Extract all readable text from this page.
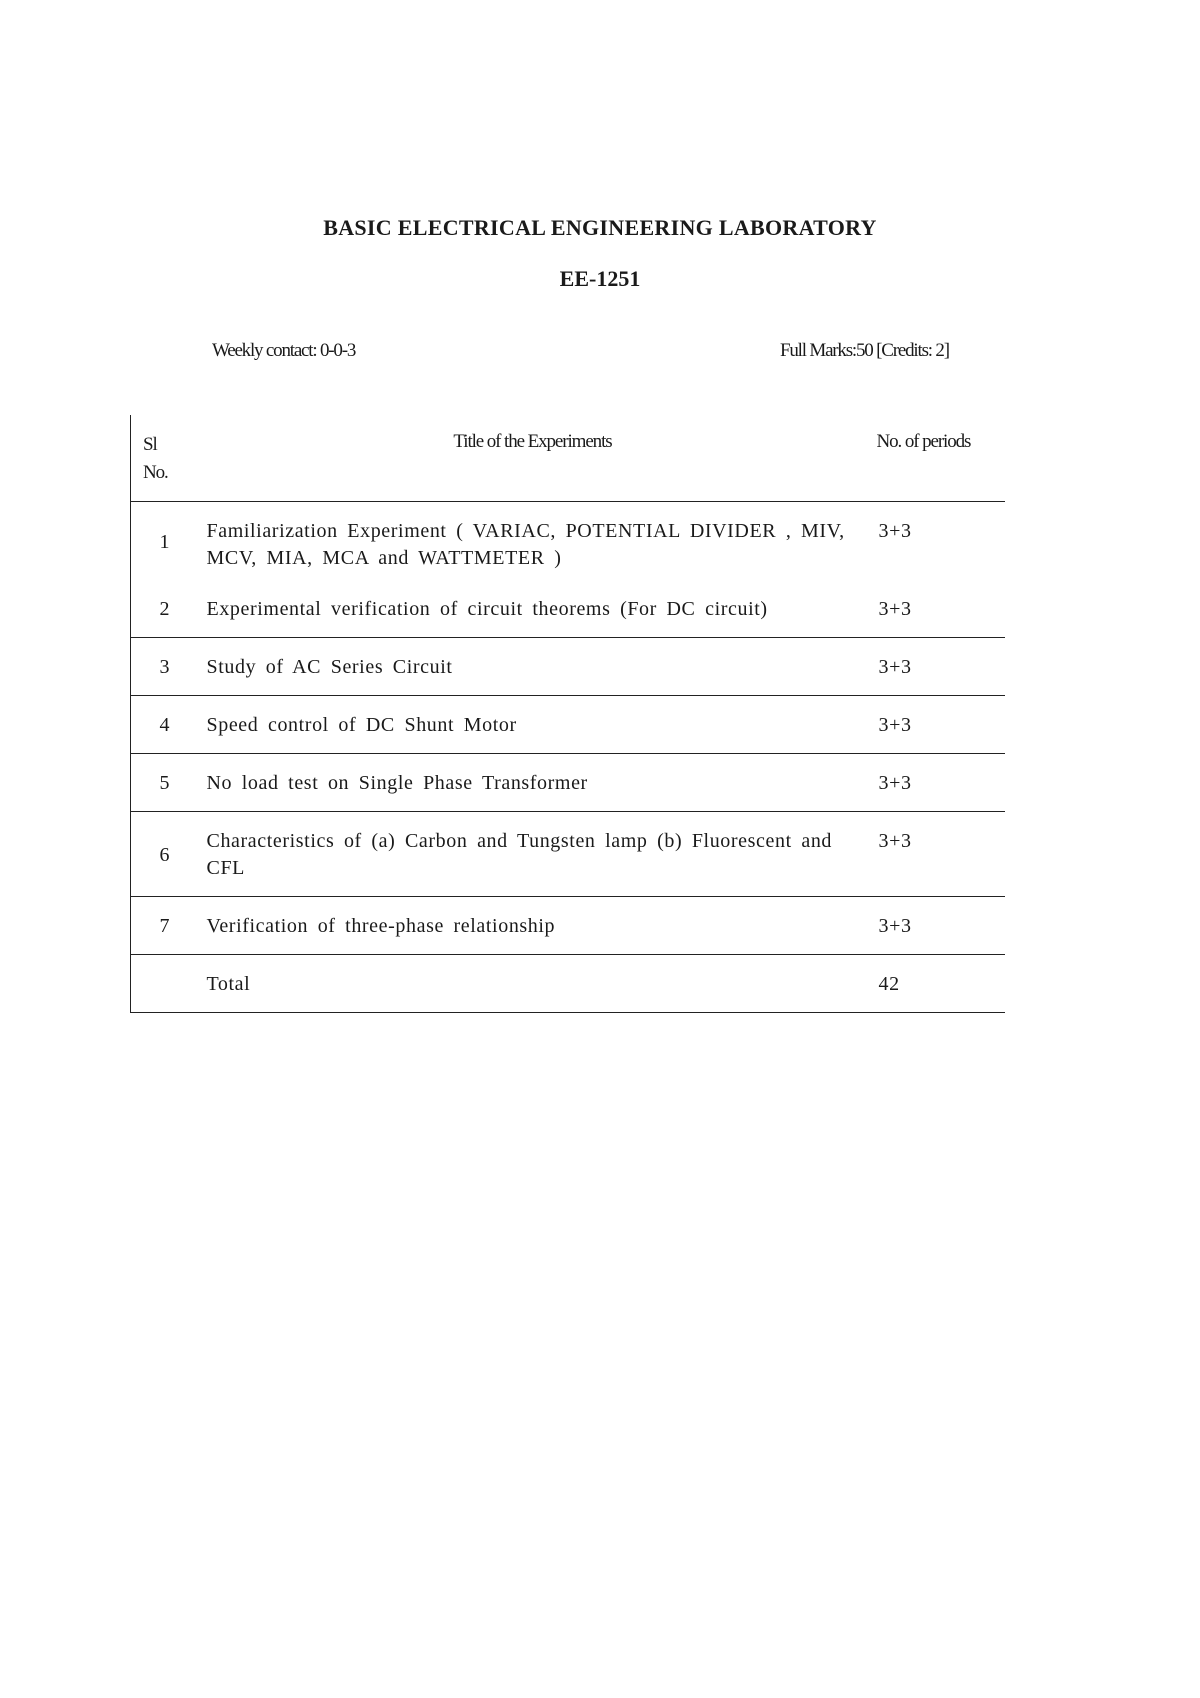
BASIC ELECTRICAL ENGINEERING LABORATORY
EE-1251
Weekly contact: 0-0-3	Full Marks:50 [Credits: 2]
Sl
No.	Title of the Experiments	No. of periods
1	Familiarization Experiment ( VARIAC, POTENTIAL DIVIDER , MIV, MCV, MIA, MCA and WATTMETER )	3+3
2	Experimental verification of circuit theorems (For DC circuit)	3+3
3	Study of AC Series Circuit	3+3
4	Speed control of DC Shunt Motor	3+3
5	No load test on Single Phase Transformer	3+3
6	Characteristics of (a) Carbon and Tungsten lamp (b) Fluorescent and CFL	3+3
7	Verification of three-phase relationship	3+3
	Total	42
